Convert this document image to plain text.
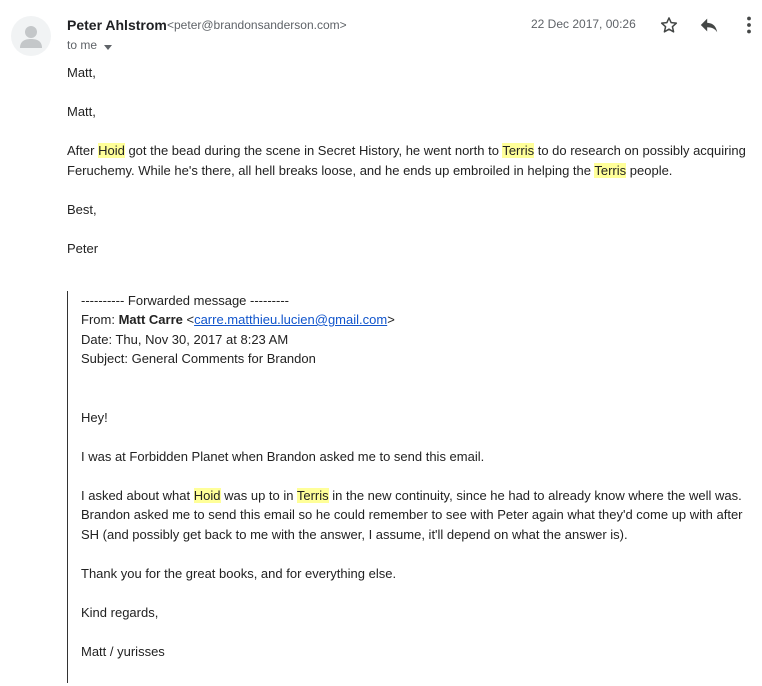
Peter Ahlstrom <peter@brandonsanderson.com>
to me
22 Dec 2017, 00:26
Matt,
Matt,
After Hoid got the bead during the scene in Secret History, he went north to Terris to do research on possibly acquiring
Feruchemy. While he's there, all hell breaks loose, and he ends up embroiled in helping the Terris people.
Best,
Peter
---------- Forwarded message ---------
From: Matt Carre <carre.matthieu.lucien@gmail.com>
Date: Thu, Nov 30, 2017 at 8:23 AM
Subject: General Comments for Brandon
Hey!
I was at Forbidden Planet when Brandon asked me to send this email.
I asked about what Hoid was up to in Terris in the new continuity, since he had to already know where the well was.
Brandon asked me to send this email so he could remember to see with Peter again what they'd come up with after
SH (and possibly get back to me with the answer, I assume, it'll depend on what the answer is).
Thank you for the great books, and for everything else.
Kind regards,
Matt / yurisses
